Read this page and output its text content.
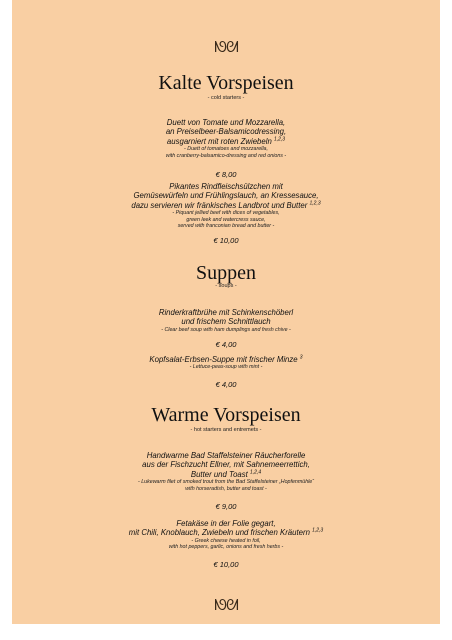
ᘚᘛ
Kalte Vorspeisen
- cold starters -
Duett von Tomate und Mozzarella,
an Preiselbeer-Balsamicodressing,
ausgarniert mit roten Zwiebeln $^{1,2,3}$
- Duett of tomatoes and mozzarella,
with cranberry-balsamico-dressing and red onions -
€ 8,00
Pikantes Rindfleischsülzchen mit
Gemüsewürfeln und Frühlingslauch, an Kressesauce,
dazu servieren wir fränkisches Landbrot und Butter $^{1,2,3}$
- Piquant jellied beef with dices of vegetables,
green leek and watercress sauce,
served with franconian bread and butter -
€ 10,00
Suppen
- soups -
Rinderkraftbrühe mit Schinkenschöberl
und frischem Schnittlauch
- Clear beef soup with ham dumplings and fresh chive -
€ 4,00
Kopfsalat-Erbsen-Suppe mit frischer Minze $^3$
- Lettuce-peas-soup with mint -
€ 4,00
Warme Vorspeisen
- hot starters and entremets -
Handwarme Bad Staffelsteiner Räucherforelle
aus der Fischzucht Ellner, mit Sahnemeerrettich,
Butter und Toast $^{1,2,4}$
- Lukewarm filet of smoked trout from the Bad Staffelsteiner „Hopfenmühle“
with horseradish, butter and toast -
€ 9,00
Fetakäse in der Folie gegart,
mit Chili, Knoblauch, Zwiebeln und frischen Kräutern $^{1,2,3}$
- Greek cheese heated in foil,
with hot peppers, garlic, onions and fresh herbs -
€ 10,00
ᘚᘛ
